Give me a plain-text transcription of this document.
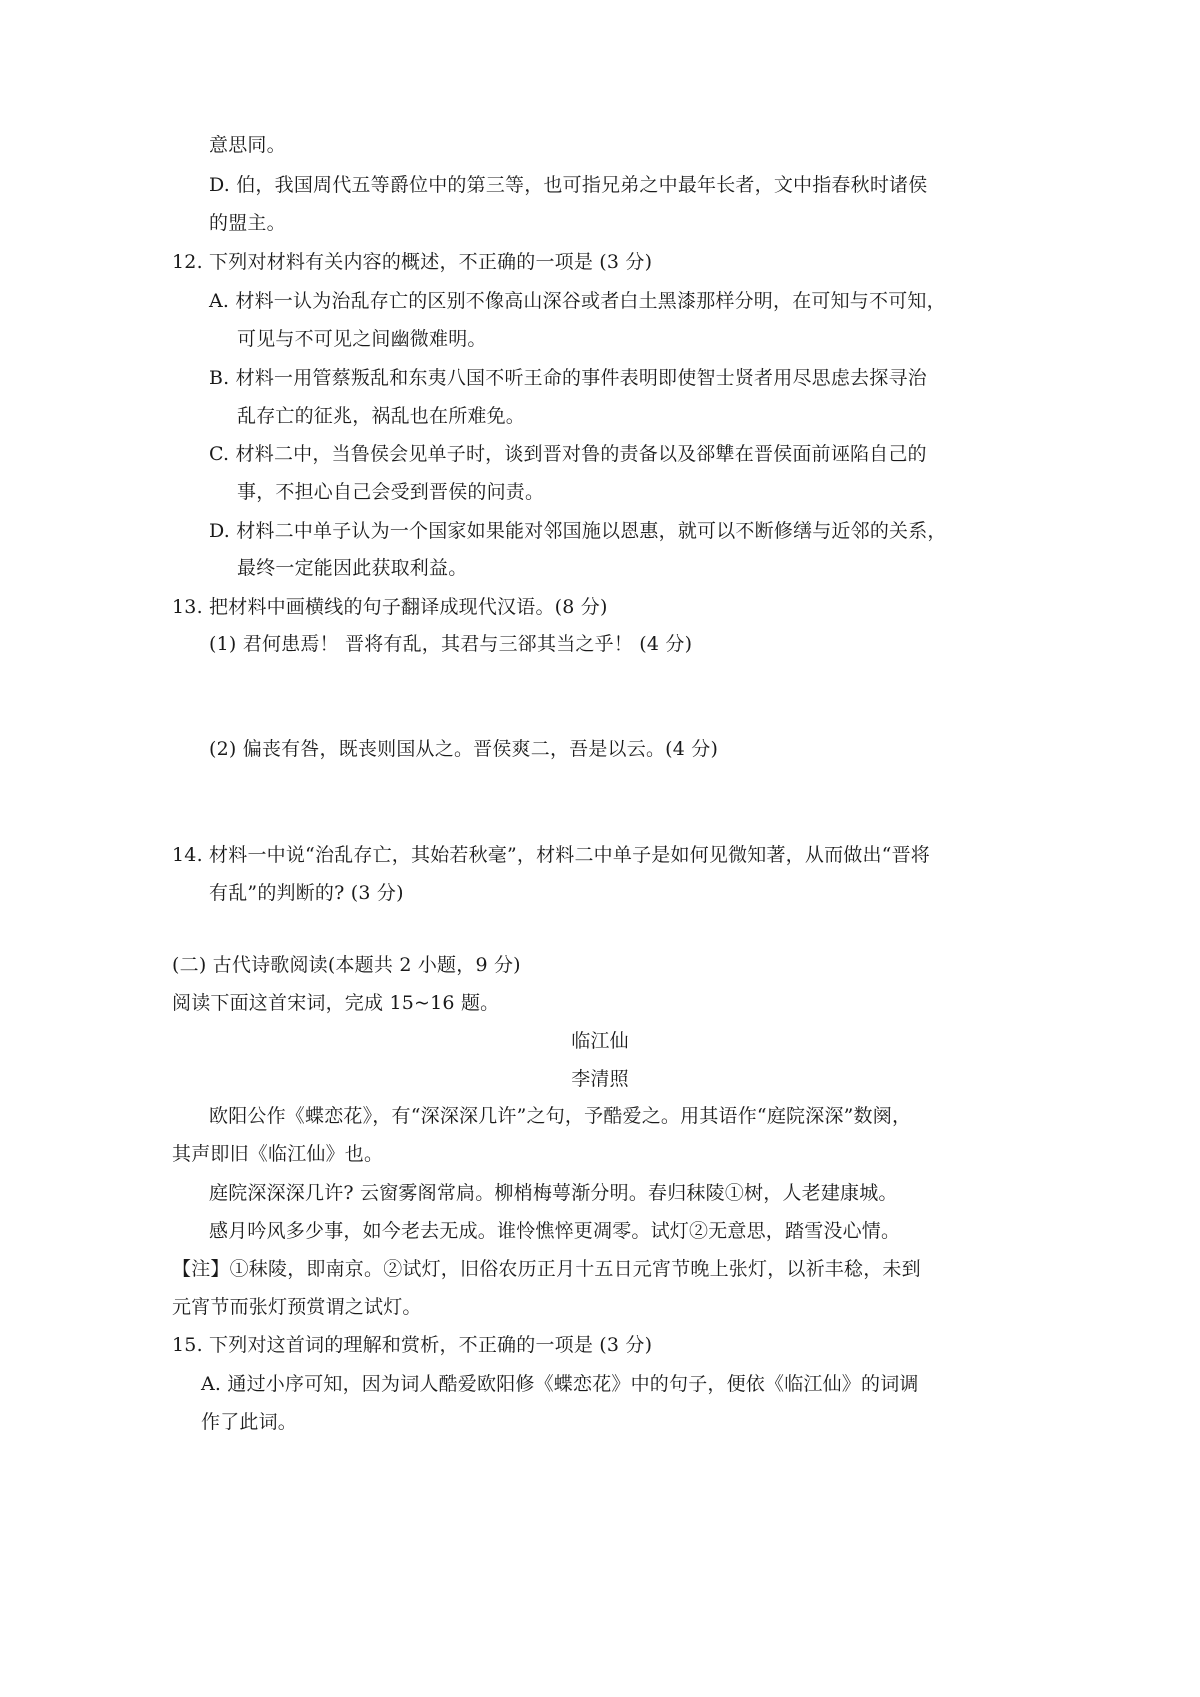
意思同。
D. 伯，我国周代五等爵位中的第三等，也可指兄弟之中最年长者，文中指春秋时诸侯
的盟主。
12. 下列对材料有关内容的概述，不正确的一项是 (3 分)
A. 材料一认为治乱存亡的区别不像高山深谷或者白土黑漆那样分明，在可知与不可知，
可见与不可见之间幽微难明。
B. 材料一用管蔡叛乱和东夷八国不听王命的事件表明即使智士贤者用尽思虑去探寻治
乱存亡的征兆，祸乱也在所难免。
C. 材料二中，当鲁侯会见单子时，谈到晋对鲁的责备以及郤犨在晋侯面前诬陷自己的
事，不担心自己会受到晋侯的问责。
D. 材料二中单子认为一个国家如果能对邻国施以恩惠，就可以不断修缮与近邻的关系，
最终一定能因此获取利益。
13. 把材料中画横线的句子翻译成现代汉语。(8 分)
(1) 君何患焉！ 晋将有乱，其君与三郤其当之乎！ (4 分)
(2) 偏丧有咎，既丧则国从之。晋侯爽二，吾是以云。(4 分)
14. 材料一中说“治乱存亡，其始若秋毫”，材料二中单子是如何见微知著，从而做出“晋将
有乱”的判断的? (3 分)
(二) 古代诗歌阅读(本题共 2 小题，9 分)
阅读下面这首宋词，完成 15~16 题。
临江仙
李清照
欧阳公作《蝶恋花》，有“深深深几许”之句，予酷爱之。用其语作“庭院深深”数阕，
其声即旧《临江仙》也。
庭院深深深几许? 云窗雾阁常扃。柳梢梅萼渐分明。春归秣陵①树，人老建康城。
感月吟风多少事，如今老去无成。谁怜憔悴更凋零。试灯②无意思，踏雪没心情。
【注】①秣陵，即南京。②试灯，旧俗农历正月十五日元宵节晚上张灯，以祈丰稔，未到
元宵节而张灯预赏谓之试灯。
15. 下列对这首词的理解和赏析，不正确的一项是 (3 分)
A. 通过小序可知，因为词人酷爱欧阳修《蝶恋花》中的句子，便依《临江仙》的词调
作了此词。
